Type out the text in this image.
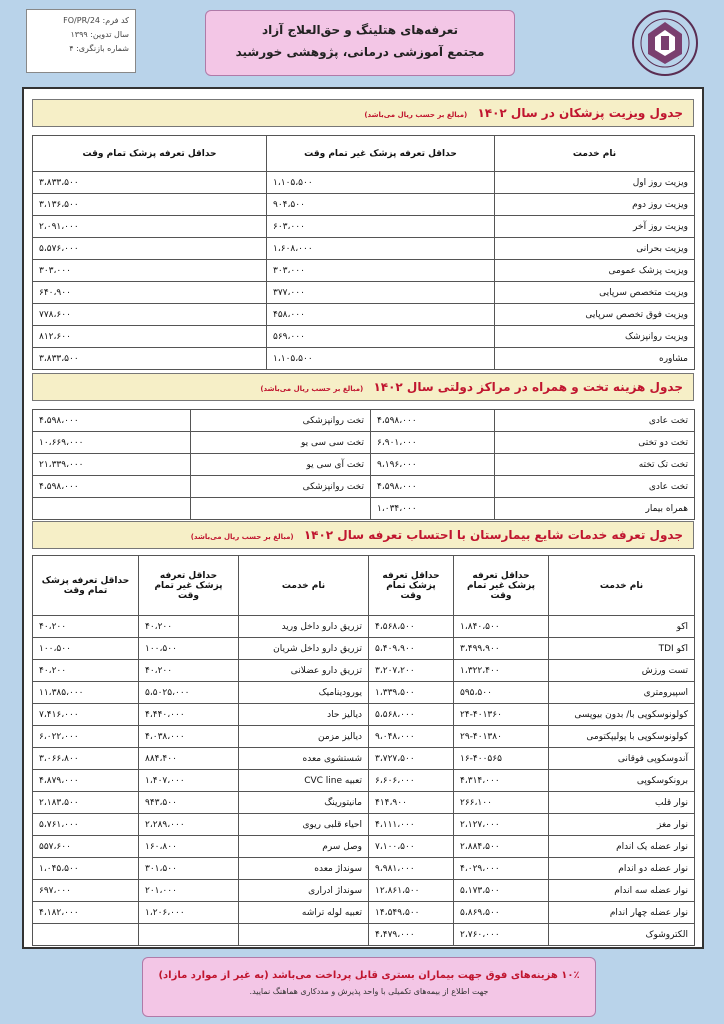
FO/PR/24 :کد فرم
سال تدوین: ۱۳۹۹
شماره بازنگری: ۴
تعرفه‌های هتلینگ و حق‌العلاج آزاد
مجتمع آموزشی درمانی، پژوهشی خورشید
جدول ویزیت پزشکان در سال ۱۴۰۲ (مبالغ بر حسب ریال می‌باشد)
نام خدمت	حداقل تعرفه پزشک غیر تمام وقت	حداقل تعرفه پزشک تمام وقت
ویزیت روز اول	۱،۱۰۵،۵۰۰	۳،۸۳۳،۵۰۰
ویزیت روز دوم	۹۰۴،۵۰۰	۳،۱۳۶،۵۰۰
ویزیت روز آخر	۶۰۳،۰۰۰	۲،۰۹۱،۰۰۰
ویزیت بحرانی	۱،۶۰۸،۰۰۰	۵،۵۷۶،۰۰۰
ویزیت پزشک عمومی	۳۰۳،۰۰۰	۳۰۳،۰۰۰
ویزیت متخصص سرپایی	۳۷۷،۰۰۰	۶۴۰،۹۰۰
ویزیت فوق تخصص سرپایی	۴۵۸،۰۰۰	۷۷۸،۶۰۰
ویزیت روانپزشک	۵۶۹،۰۰۰	۸۱۲،۶۰۰
مشاوره	۱،۱۰۵،۵۰۰	۳،۸۳۳،۵۰۰
جدول هزینه تخت و همراه در مراکز دولتی سال ۱۴۰۲ (مبالغ بر حسب ریال می‌باشد)
تخت عادی	۴،۵۹۸،۰۰۰	تخت روانپزشکی	۴،۵۹۸،۰۰۰
تخت دو تختی	۶،۹۰۱،۰۰۰	تخت سی سی یو	۱۰،۶۶۹،۰۰۰
تخت تک تخته	۹،۱۹۶،۰۰۰	تخت آی سی یو	۲۱،۳۳۹،۰۰۰
تخت عادی	۴،۵۹۸،۰۰۰	تخت روانپزشکی	۴،۵۹۸،۰۰۰
همراه بیمار	۱،۰۳۴،۰۰۰		
جدول تعرفه خدمات شایع بیمارستان با احتساب تعرفه سال ۱۴۰۲ (مبالغ بر حسب ریال می‌باشد)
نام خدمت	حداقل تعرفه پزشک غیر تمام وقت	حداقل تعرفه پزشک تمام وقت	نام خدمت	حداقل تعرفه پزشک غیر تمام وقت	حداقل تعرفه پزشک تمام وقت
اکو	۱،۸۴۰،۵۰۰	۴،۵۶۸،۵۰۰	تزریق دارو داخل ورید	۴۰،۲۰۰	۴۰،۲۰۰
اکو TDI	۳،۴۹۹،۹۰۰	۵،۴۰۹،۹۰۰	تزریق دارو داخل شریان	۱۰۰،۵۰۰	۱۰۰،۵۰۰
تست ورزش	۱،۳۲۲،۴۰۰	۳،۲۰۷،۲۰۰	تزریق دارو عضلانی	۴۰،۲۰۰	۴۰،۲۰۰
اسپیرومتری	۵۹۵،۵۰۰	۱،۳۳۹،۵۰۰	یورودینامیک	۵،۵۰۲۵،۰۰۰	۱۱،۳۸۵،۰۰۰
کولونوسکوپی با/ بدون بیوپسی	۲۴-۴۰۱۳۶۰	۵،۵۶۸،۰۰۰	دیالیز حاد	۴،۴۴۰،۰۰۰	۷،۴۱۶،۰۰۰
کولونوسکوپی با پولیپکتومی	۲۹-۴۰۱۳۸۰	۹،۰۴۸،۰۰۰	دیالیز مزمن	۴،۰۳۸،۰۰۰	۶،۰۲۲،۰۰۰
آندوسکوپی فوقانی	۱۶-۴۰۰۵۶۵	۳،۷۲۷،۵۰۰	شستشوی معده	۸۸۴،۴۰۰	۳،۰۶۶،۸۰۰
برونکوسکوپی	۴،۳۱۴،۰۰۰	۶،۶۰۶،۰۰۰	تعبیه CVC line	۱،۴۰۷،۰۰۰	۴،۸۷۹،۰۰۰
نوار قلب	۲۶۶،۱۰۰	۴۱۴،۹۰۰	مانیتورینگ	۹۴۳،۵۰۰	۲،۱۸۳،۵۰۰
نوار مغز	۲،۱۲۷،۰۰۰	۴،۱۱۱،۰۰۰	احیاء قلبی ریوی	۲،۲۸۹،۰۰۰	۵،۷۶۱،۰۰۰
نوار عضله یک اندام	۲،۸۸۴،۵۰۰	۷،۱۰۰،۵۰۰	وصل سرم	۱۶۰،۸۰۰	۵۵۷،۶۰۰
نوار عضله دو اندام	۴،۰۲۹،۰۰۰	۹،۹۸۱،۰۰۰	سونداژ معده	۳۰۱،۵۰۰	۱،۰۴۵،۵۰۰
نوار عضله سه اندام	۵،۱۷۳،۵۰۰	۱۲،۸۶۱،۵۰۰	سونداژ ادراری	۲۰۱،۰۰۰	۶۹۷،۰۰۰
نوار عضله چهار اندام	۵،۸۶۹،۵۰۰	۱۴،۵۴۹،۵۰۰	تعبیه لوله تراشه	۱،۲۰۶،۰۰۰	۴،۱۸۲،۰۰۰
الکتروشوک	۲،۷۶۰،۰۰۰	۴،۴۷۹،۰۰۰			
۱۰٪ هزینه‌های فوق جهت بیماران بستری قابل پرداخت می‌باشد (به غیر از موارد مازاد)
جهت اطلاع از بیمه‌های تکمیلی با واحد پذیرش و مددکاری هماهنگ نمایید.
